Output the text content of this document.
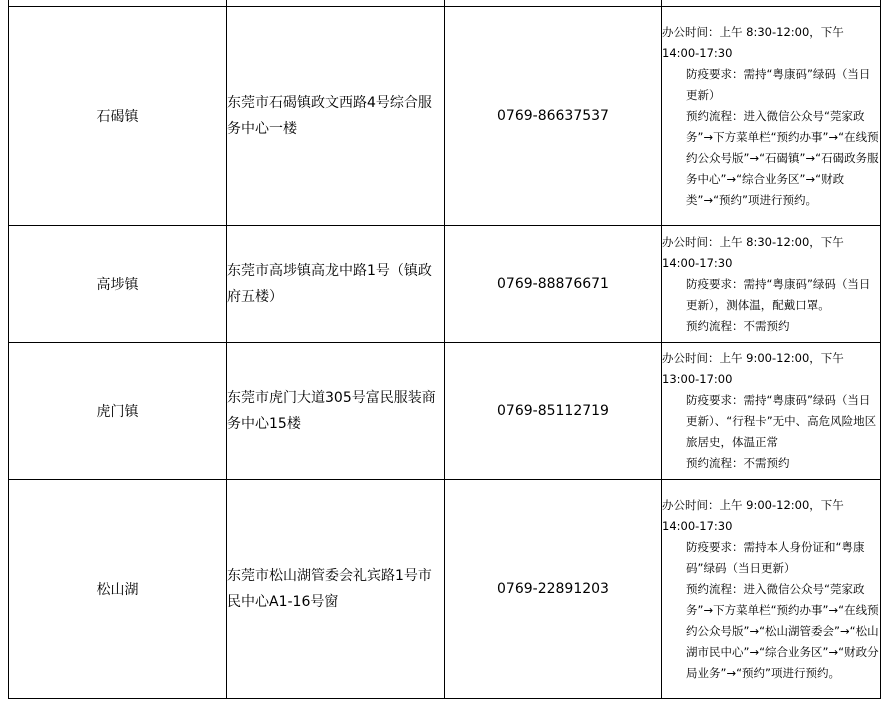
石碣镇	东莞市石碣镇政文西路4号综合服务中心一楼	0769-86637537	办公时间：上午 8:30-12:00，下午14:00-17:30
防疫要求：需持“粤康码”绿码（当日更新）
预约流程：进入微信公众号“莞家政务”→下方菜单栏“预约办事”→“在线预约公众号版”→“石碣镇”→“石碣政务服务中心”→“综合业务区”→“财政类”→“预约”项进行预约。

高埗镇	东莞市高埗镇高龙中路1号（镇政府五楼）	0769-88876671	办公时间：上午 8:30-12:00，下午14:00-17:30
防疫要求：需持“粤康码”绿码（当日更新），测体温，配戴口罩。
预约流程：不需预约

虎门镇	东莞市虎门大道305号富民服装商务中心15楼	0769-85112719	办公时间：上午 9:00-12:00，下午13:00-17:00
防疫要求：需持“粤康码”绿码（当日更新）、“行程卡”无中、高危风险地区旅居史，体温正常
预约流程：不需预约

松山湖	东莞市松山湖管委会礼宾路1号市民中心A1-16号窗	0769-22891203	办公时间：上午 9:00-12:00，下午14:00-17:30
防疫要求：需持本人身份证和“粤康码”绿码（当日更新）
预约流程：进入微信公众号“莞家政务”→下方菜单栏“预约办事”→“在线预约公众号版”→“松山湖管委会”→“松山湖市民中心”→“综合业务区”→“财政分局业务”→“预约”项进行预约。
